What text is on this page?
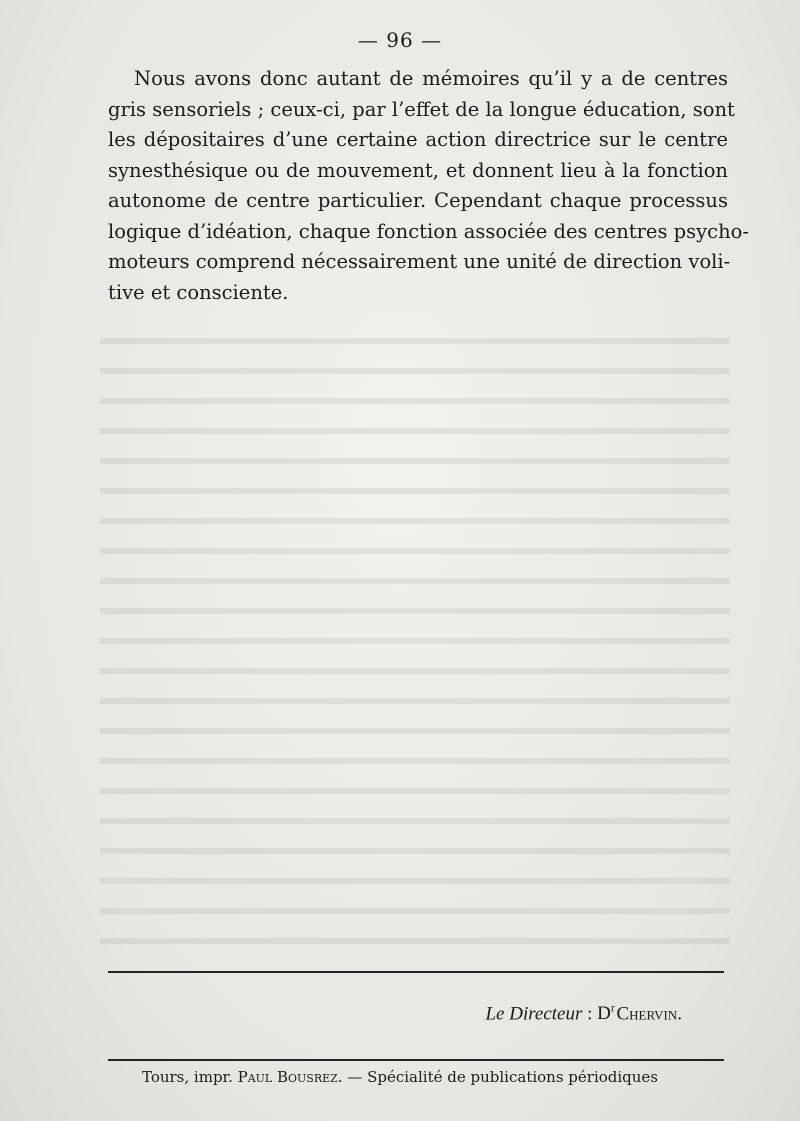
— 96 —
Nous avons donc autant de mémoires qu’il y a de centres
gris sensoriels ; ceux-ci, par l’effet de la longue éducation, sont
les dépositaires d’une certaine action directrice sur le centre
synesthésique ou de mouvement, et donnent lieu à la fonction
autonome de centre particulier. Cependant chaque processus
logique d’idéation, chaque fonction associée des centres psycho-
moteurs comprend nécessairement une unité de direction voli-
tive et consciente.
Le Directeur : $D^r$ Chervin.
Tours, impr. Paul Bousrez. — Spécialité de publications périodiques
